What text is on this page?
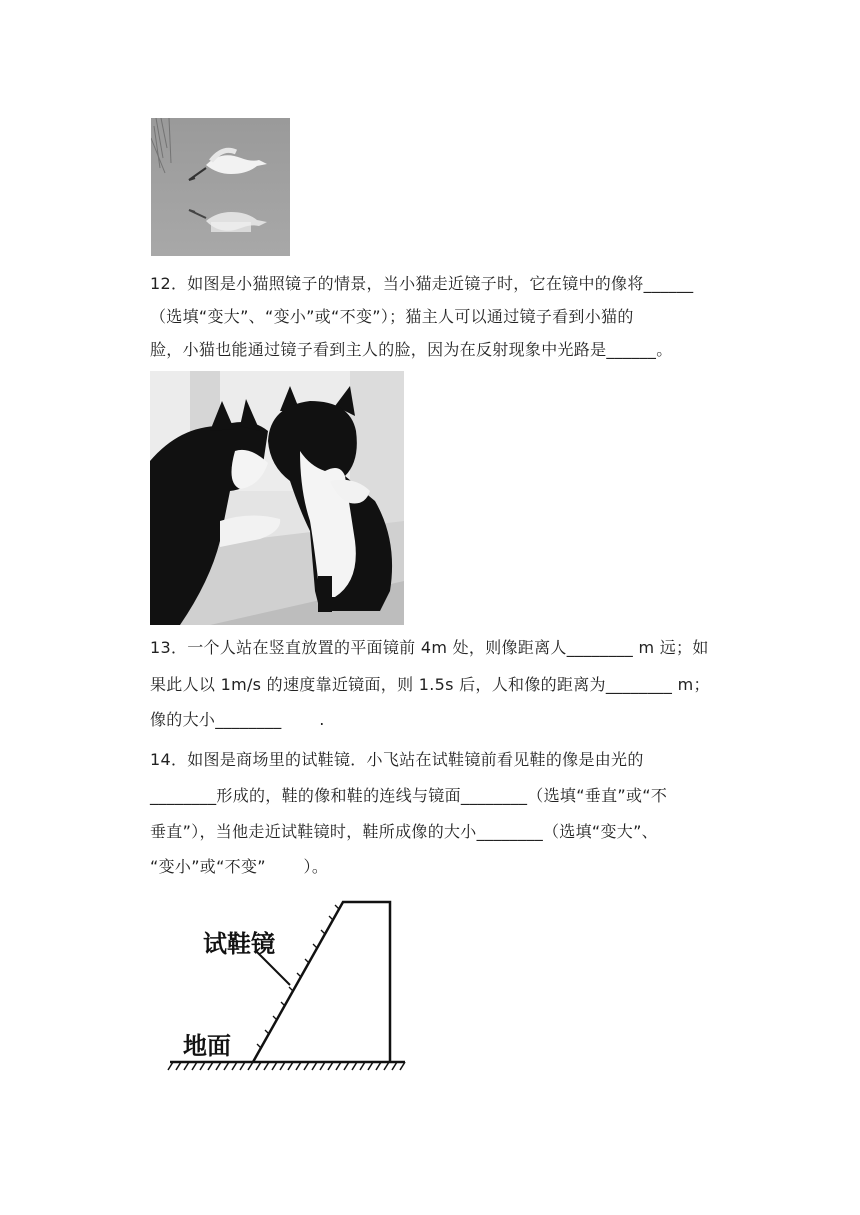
12．如图是小猫照镜子的情景，当小猫走近镜子时，它在镜中的像将______
（选填“变大”、“变小”或“不变”）；猫主人可以通过镜子看到小猫的
脸，小猫也能通过镜子看到主人的脸，因为在反射现象中光路是______。
13．一个人站在竖直放置的平面镜前 4m 处，则像距离人________ m 远；如
果此人以 1m/s 的速度靠近镜面，则 1.5s 后，人和像的距离为________ m；
像的大小________       .
14．如图是商场里的试鞋镜．小飞站在试鞋镜前看见鞋的像是由光的
________形成的，鞋的像和鞋的连线与镜面________（选填“垂直”或“不
垂直”），当他走近试鞋镜时，鞋所成像的大小________（选填“变大”、
“变小”或“不变”       ）。
试鞋镜
地面
